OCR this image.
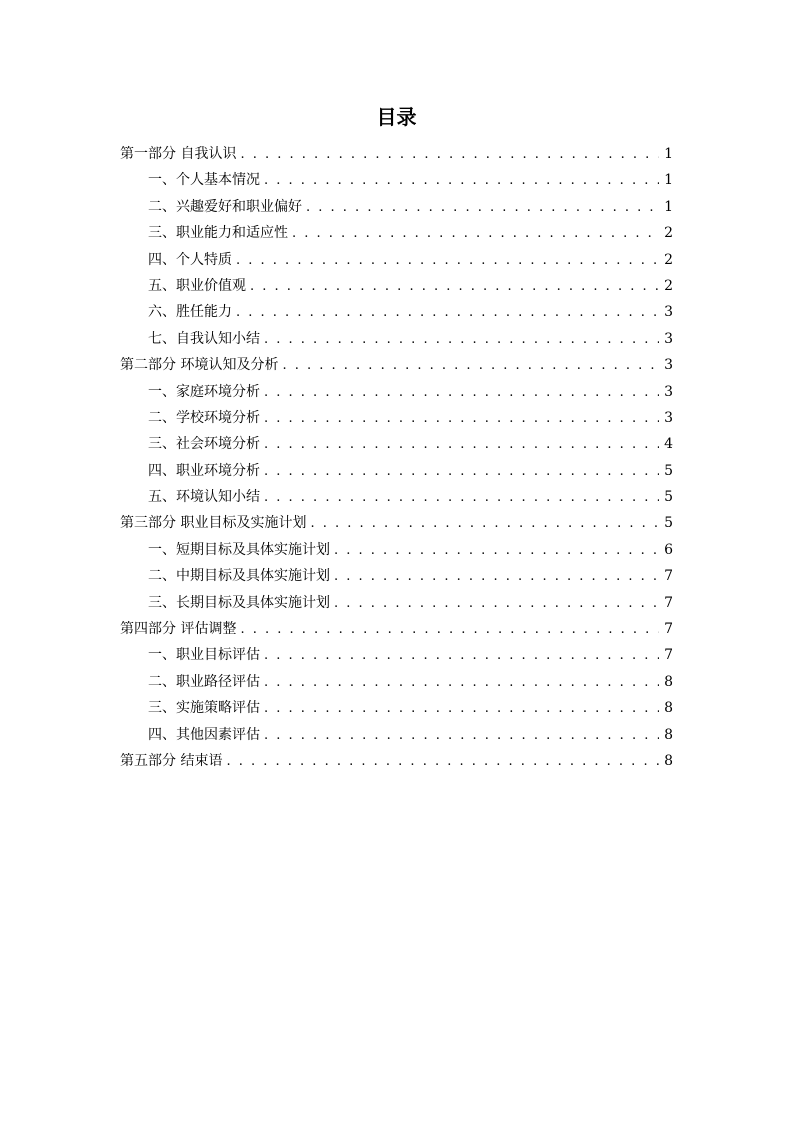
目录
第一部分 自我认识 . . .	1
一、个人基本情况 . . .	1
二、兴趣爱好和职业偏好 . . .	1
三、职业能力和适应性 . . .	2
四、个人特质 . . .	2
五、职业价值观 . . .	2
六、胜任能力 . . .	3
七、自我认知小结 . . .	3
第二部分 环境认知及分析 . . .	3
一、家庭环境分析 . . .	3
二、学校环境分析 . . .	3
三、社会环境分析 . . .	4
四、职业环境分析 . . .	5
五、环境认知小结 . . .	5
第三部分 职业目标及实施计划 . . .	5
一、短期目标及具体实施计划 . . .	6
二、中期目标及具体实施计划 . . .	7
三、长期目标及具体实施计划 . . .	7
第四部分 评估调整 . . .	7
一、职业目标评估 . . .	7
二、职业路径评估 . . .	8
三、实施策略评估 . . .	8
四、其他因素评估 . . .	8
第五部分 结束语 . . .	8
